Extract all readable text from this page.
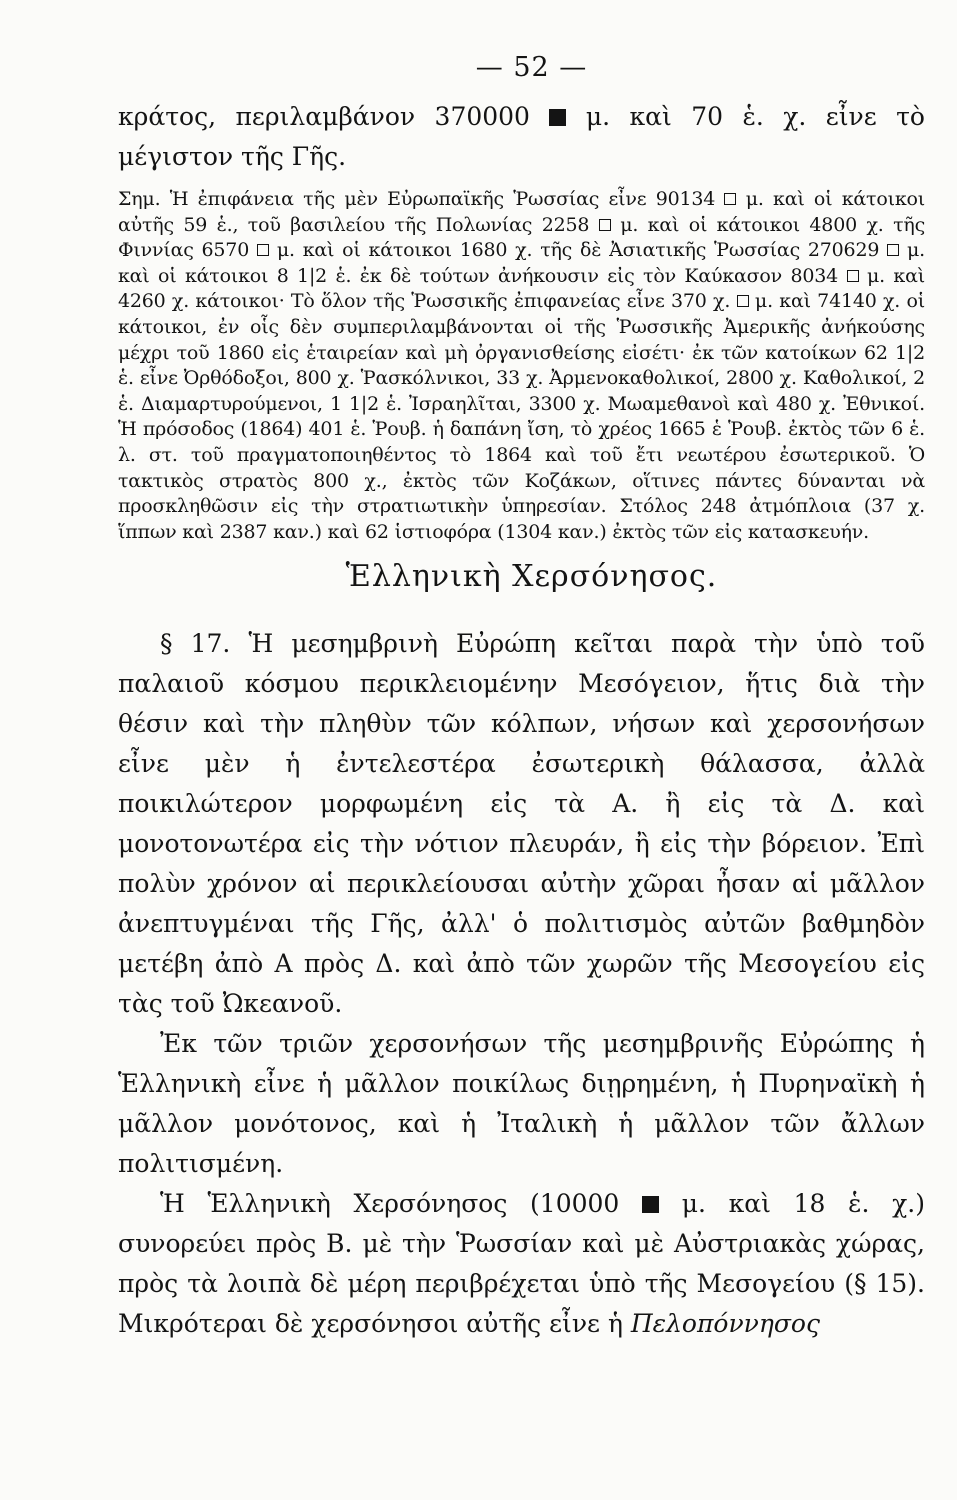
— 52 —

κράτος, περιλαμβάνον 370000 μ. καὶ 70 ἑ. χ. εἶνε τὸ μέγιστον τῆς Γῆς.

Σημ. Ἡ ἐπιφάνεια τῆς μὲν Εὐρωπαϊκῆς Ῥωσσίας εἶνε 90134 μ. καὶ οἱ κάτοικοι αὐτῆς 59 ἑ., τοῦ βασιλείου τῆς Πολωνίας 2258 μ. καὶ οἱ κάτοικοι 4800 χ. τῆς Φιννίας 6570 μ. καὶ οἱ κάτοικοι 1680 χ. τῆς δὲ Ἀσιατικῆς Ῥωσσίας 270629 μ. καὶ οἱ κάτοικοι 8 1|2 ἑ. ἐκ δὲ τούτων ἀνήκουσιν εἰς τὸν Καύκασον 8034 μ. καὶ 4260 χ. κάτοικοι· Τὸ ὅλον τῆς Ῥωσσικῆς ἐπιφανείας εἶνε 370 χ. μ. καὶ 74140 χ. οἱ κάτοικοι, ἐν οἷς δὲν συμπεριλαμβάνονται οἱ τῆς Ῥωσσικῆς Ἀμερικῆς ἀνήκούσης μέχρι τοῦ 1860 εἰς ἑταιρείαν καὶ μὴ ὀργανισθείσης εἰσέτι· ἐκ τῶν κατοίκων 62 1|2 ἑ. εἶνε Ὀρθόδοξοι, 800 χ. Ῥασκόλνικοι, 33 χ. Ἀρμενοκαθολικοί, 2800 χ. Καθολικοί, 2 ἑ. Διαμαρτυρούμενοι, 1 1|2 ἑ. Ἰσραηλῖται, 3300 χ. Μωαμεθανοὶ καὶ 480 χ. Ἐθνικοί. Ἡ πρόσοδος (1864) 401 ἑ. Ῥουβ. ἡ δαπάνη ἴση, τὸ χρέος 1665 ἑ Ῥουβ. ἐκτὸς τῶν 6 ἑ. λ. στ. τοῦ πραγματοποιηθέντος τὸ 1864 καὶ τοῦ ἔτι νεωτέρου ἐσωτερικοῦ. Ὁ τακτικὸς στρατὸς 800 χ., ἐκτὸς τῶν Κοζάκων, οἵτινες πάντες δύνανται νὰ προσκληθῶσιν εἰς τὴν στρατιωτικὴν ὑπηρεσίαν. Στόλος 248 ἀτμόπλοια (37 χ. ἵππων καὶ 2387 καν.) καὶ 62 ἱστιοφόρα (1304 καν.) ἐκτὸς τῶν εἰς κατασκευήν.

Ἑλληνικὴ Χερσόνησος.

§ 17. Ἡ μεσημβρινὴ Εὐρώπη κεῖται παρὰ τὴν ὑπὸ τοῦ παλαιοῦ κόσμου περικλειομένην Μεσόγειον, ἥτις διὰ τὴν θέσιν καὶ τὴν πληθὺν τῶν κόλπων, νήσων καὶ χερσονήσων εἶνε μὲν ἡ ἐντελεστέρα ἐσωτερικὴ θάλασσα, ἀλλὰ ποικιλώτερον μορφωμένη εἰς τὰ Α. ἢ εἰς τὰ Δ. καὶ μονοτονωτέρα εἰς τὴν νότιον πλευράν, ἢ εἰς τὴν βόρειον. Ἐπὶ πολὺν χρόνον αἱ περικλείουσαι αὐτὴν χῶραι ἦσαν αἱ μᾶλλον ἀνεπτυγμέναι τῆς Γῆς, ἀλλ' ὁ πολιτισμὸς αὐτῶν βαθμηδὸν μετέβη ἀπὸ Α πρὸς Δ. καὶ ἀπὸ τῶν χωρῶν τῆς Μεσογείου εἰς τὰς τοῦ Ὠκεανοῦ.

Ἐκ τῶν τριῶν χερσονήσων τῆς μεσημβρινῆς Εὐρώπης ἡ Ἑλληνικὴ εἶνε ἡ μᾶλλον ποικίλως διῃρημένη, ἡ Πυρηναϊκὴ ἡ μᾶλλον μονότονος, καὶ ἡ Ἰταλικὴ ἡ μᾶλλον τῶν ἄλλων πολιτισμένη.

Ἡ Ἑλληνικὴ Χερσόνησος (10000 μ. καὶ 18 ἑ. χ.) συνορεύει πρὸς Β. μὲ τὴν Ῥωσσίαν καὶ μὲ Αὐστριακὰς χώρας, πρὸς τὰ λοιπὰ δὲ μέρη περιβρέχεται ὑπὸ τῆς Μεσογείου (§ 15). Μικρότεραι δὲ χερσόνησοι αὐτῆς εἶνε ἡ Πελοπόννησος
